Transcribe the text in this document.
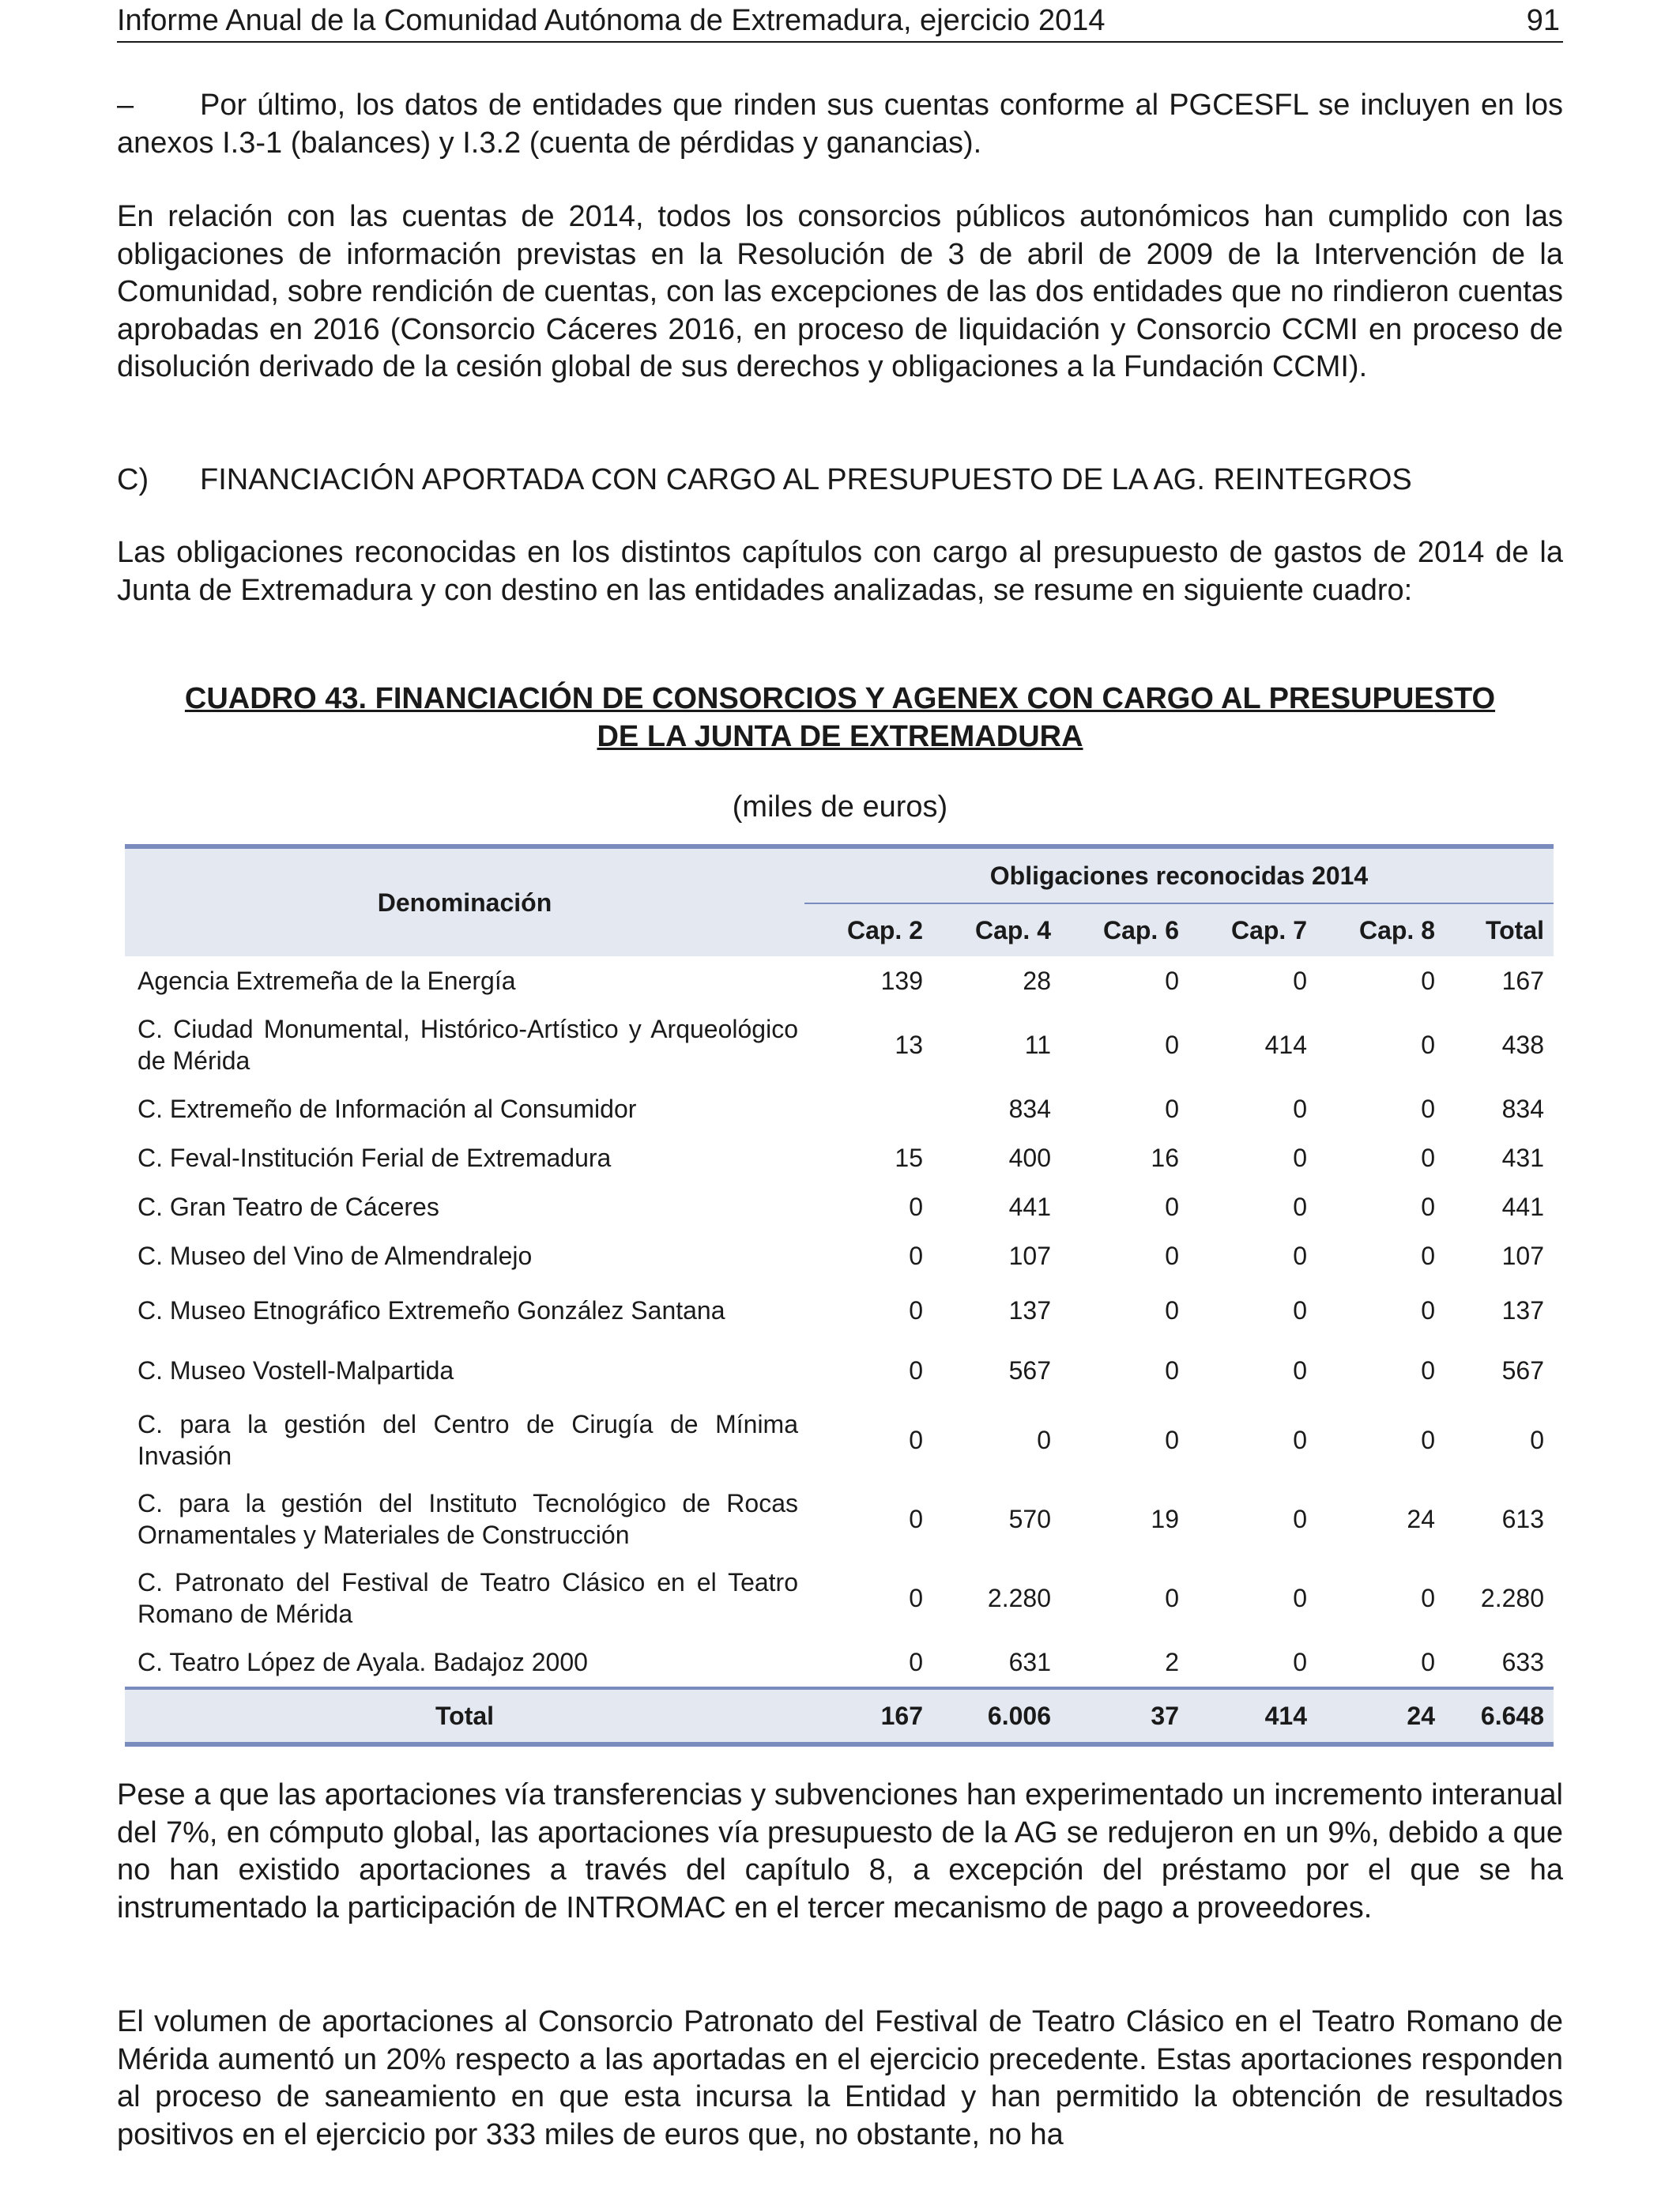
Informe Anual de la Comunidad Autónoma de Extremadura, ejercicio 2014	91
– Por último, los datos de entidades que rinden sus cuentas conforme al PGCESFL se incluyen en los anexos I.3-1 (balances) y I.3.2 (cuenta de pérdidas y ganancias).
En relación con las cuentas de 2014, todos los consorcios públicos autonómicos han cumplido con las obligaciones de información previstas en la Resolución de 3 de abril de 2009 de la Intervención de la Comunidad, sobre rendición de cuentas, con las excepciones de las dos entidades que no rindieron cuentas aprobadas en 2016 (Consorcio Cáceres 2016, en proceso de liquidación y Consorcio CCMI en proceso de disolución derivado de la cesión global de sus derechos y obligaciones a la Fundación CCMI).
C) FINANCIACIÓN APORTADA CON CARGO AL PRESUPUESTO DE LA AG. REINTEGROS
Las obligaciones reconocidas en los distintos capítulos con cargo al presupuesto de gastos de 2014 de la Junta de Extremadura y con destino en las entidades analizadas, se resume en siguiente cuadro:
CUADRO 43. FINANCIACIÓN DE CONSORCIOS Y AGENEX CON CARGO AL PRESUPUESTO
DE LA JUNTA DE EXTREMADURA
(miles de euros)
Denominación	Obligaciones reconocidas 2014					
	Cap. 2	Cap. 4	Cap. 6	Cap. 7	Cap. 8	Total
Agencia Extremeña de la Energía	139	28	0	0	0	167
C. Ciudad Monumental, Histórico-Artístico y Arqueológico de Mérida	13	11	0	414	0	438
C. Extremeño de Información al Consumidor		834	0	0	0	834
C. Feval-Institución Ferial de Extremadura	15	400	16	0	0	431
C. Gran Teatro de Cáceres	0	441	0	0	0	441
C. Museo del Vino de Almendralejo	0	107	0	0	0	107
C. Museo Etnográfico Extremeño González Santana	0	137	0	0	0	137
C. Museo Vostell-Malpartida	0	567	0	0	0	567
C. para la gestión del Centro de Cirugía de Mínima Invasión	0	0	0	0	0	0
C. para la gestión del Instituto Tecnológico de Rocas Ornamentales y Materiales de Construcción	0	570	19	0	24	613
C. Patronato del Festival de Teatro Clásico en el Teatro Romano de Mérida	0	2.280	0	0	0	2.280
C. Teatro López de Ayala. Badajoz 2000	0	631	2	0	0	633
Total	167	6.006	37	414	24	6.648
Pese a que las aportaciones vía transferencias y subvenciones han experimentado un incremento interanual del 7%, en cómputo global, las aportaciones vía presupuesto de la AG se redujeron en un 9%, debido a que no han existido aportaciones a través del capítulo 8, a excepción del préstamo por el que se ha instrumentado la participación de INTROMAC en el tercer mecanismo de pago a proveedores.
El volumen de aportaciones al Consorcio Patronato del Festival de Teatro Clásico en el Teatro Romano de Mérida aumentó un 20% respecto a las aportadas en el ejercicio precedente. Estas aportaciones responden al proceso de saneamiento en que esta incursa la Entidad y han permitido la obtención de resultados positivos en el ejercicio por 333 miles de euros que, no obstante, no ha
